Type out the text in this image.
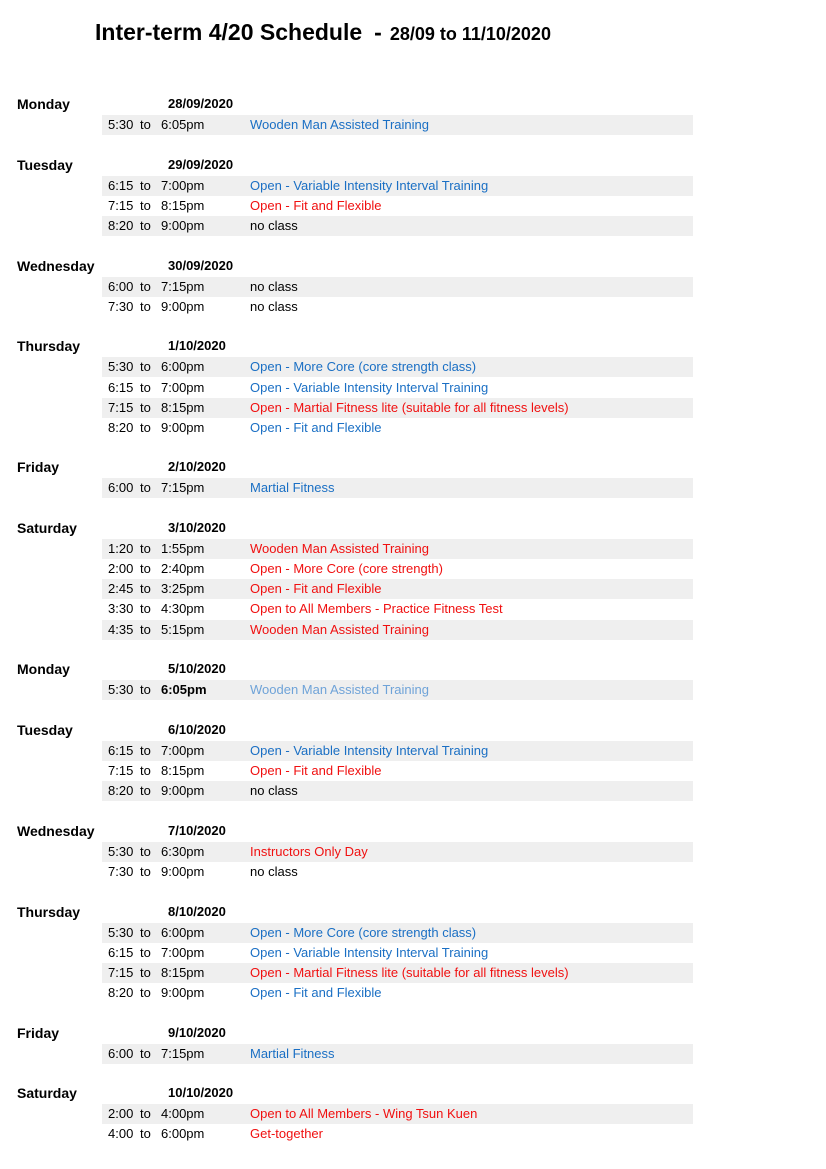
Inter-term 4/20 Schedule - 28/09 to 11/10/2020
Monday	28/09/2020
5:30 to 6:05pm	Wooden Man Assisted Training
Tuesday	29/09/2020
6:15 to 7:00pm	Open - Variable Intensity Interval Training
7:15 to 8:15pm	Open - Fit and Flexible
8:20 to 9:00pm	no class
Wednesday	30/09/2020
6:00 to 7:15pm	no class
7:30 to 9:00pm	no class
Thursday	1/10/2020
5:30 to 6:00pm	Open - More Core (core strength class)
6:15 to 7:00pm	Open - Variable Intensity Interval Training
7:15 to 8:15pm	Open - Martial Fitness lite (suitable for all fitness levels)
8:20 to 9:00pm	Open - Fit and Flexible
Friday	2/10/2020
6:00 to 7:15pm	Martial Fitness
Saturday	3/10/2020
1:20 to 1:55pm	Wooden Man Assisted Training
2:00 to 2:40pm	Open - More Core (core strength)
2:45 to 3:25pm	Open - Fit and Flexible
3:30 to 4:30pm	Open to All Members - Practice Fitness Test
4:35 to 5:15pm	Wooden Man Assisted Training
Monday	5/10/2020
5:30 to 6:05pm	Wooden Man Assisted Training
Tuesday	6/10/2020
6:15 to 7:00pm	Open - Variable Intensity Interval Training
7:15 to 8:15pm	Open - Fit and Flexible
8:20 to 9:00pm	no class
Wednesday	7/10/2020
5:30 to 6:30pm	Instructors Only Day
7:30 to 9:00pm	no class
Thursday	8/10/2020
5:30 to 6:00pm	Open - More Core (core strength class)
6:15 to 7:00pm	Open - Variable Intensity Interval Training
7:15 to 8:15pm	Open - Martial Fitness lite (suitable for all fitness levels)
8:20 to 9:00pm	Open - Fit and Flexible
Friday	9/10/2020
6:00 to 7:15pm	Martial Fitness
Saturday	10/10/2020
2:00 to 4:00pm	Open to All Members - Wing Tsun Kuen
4:00 to 6:00pm	Get-together
